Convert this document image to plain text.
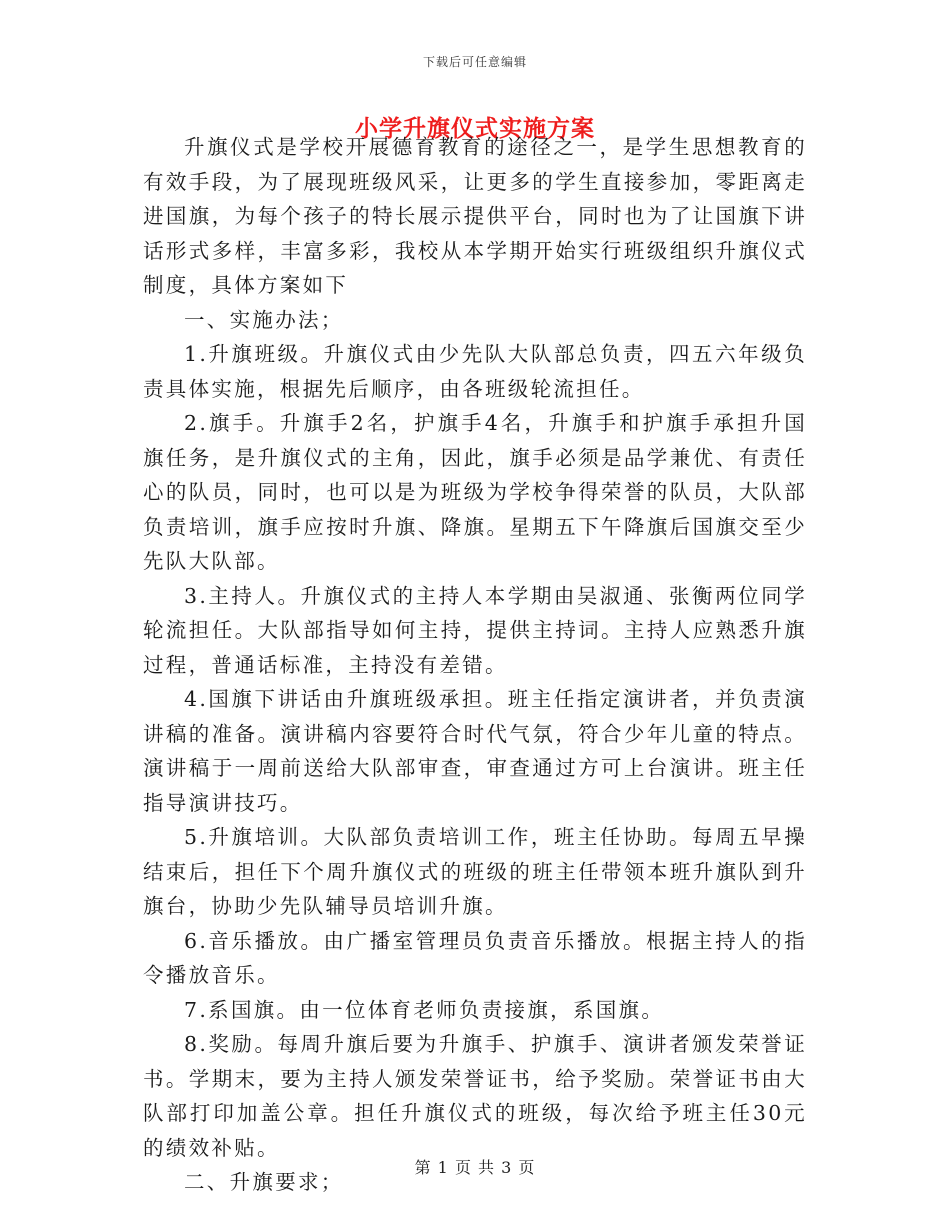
下载后可任意编辑
小学升旗仪式实施方案

升旗仪式是学校开展德育教育的途径之一，是学生思想教育的有效手段，为了展现班级风采，让更多的学生直接参加，零距离走进国旗，为每个孩子的特长展示提供平台，同时也为了让国旗下讲话形式多样，丰富多彩，我校从本学期开始实行班级组织升旗仪式制度，具体方案如下

一、实施办法；

1.升旗班级。升旗仪式由少先队大队部总负责，四五六年级负责具体实施，根据先后顺序，由各班级轮流担任。

2.旗手。升旗手2名，护旗手4名，升旗手和护旗手承担升国旗任务，是升旗仪式的主角，因此，旗手必须是品学兼优、有责任心的队员，同时，也可以是为班级为学校争得荣誉的队员，大队部负责培训，旗手应按时升旗、降旗。星期五下午降旗后国旗交至少先队大队部。

3.主持人。升旗仪式的主持人本学期由吴淑通、张衡两位同学轮流担任。大队部指导如何主持，提供主持词。主持人应熟悉升旗过程，普通话标准，主持没有差错。

4.国旗下讲话由升旗班级承担。班主任指定演讲者，并负责演讲稿的准备。演讲稿内容要符合时代气氛，符合少年儿童的特点。演讲稿于一周前送给大队部审查，审查通过方可上台演讲。班主任指导演讲技巧。

5.升旗培训。大队部负责培训工作，班主任协助。每周五早操结束后，担任下个周升旗仪式的班级的班主任带领本班升旗队到升旗台，协助少先队辅导员培训升旗。

6.音乐播放。由广播室管理员负责音乐播放。根据主持人的指令播放音乐。

7.系国旗。由一位体育老师负责接旗，系国旗。

8.奖励。每周升旗后要为升旗手、护旗手、演讲者颁发荣誉证书。学期末，要为主持人颁发荣誉证书，给予奖励。荣誉证书由大队部打印加盖公章。担任升旗仪式的班级，每次给予班主任30元的绩效补贴。

二、升旗要求；

第 1 页 共 3 页
